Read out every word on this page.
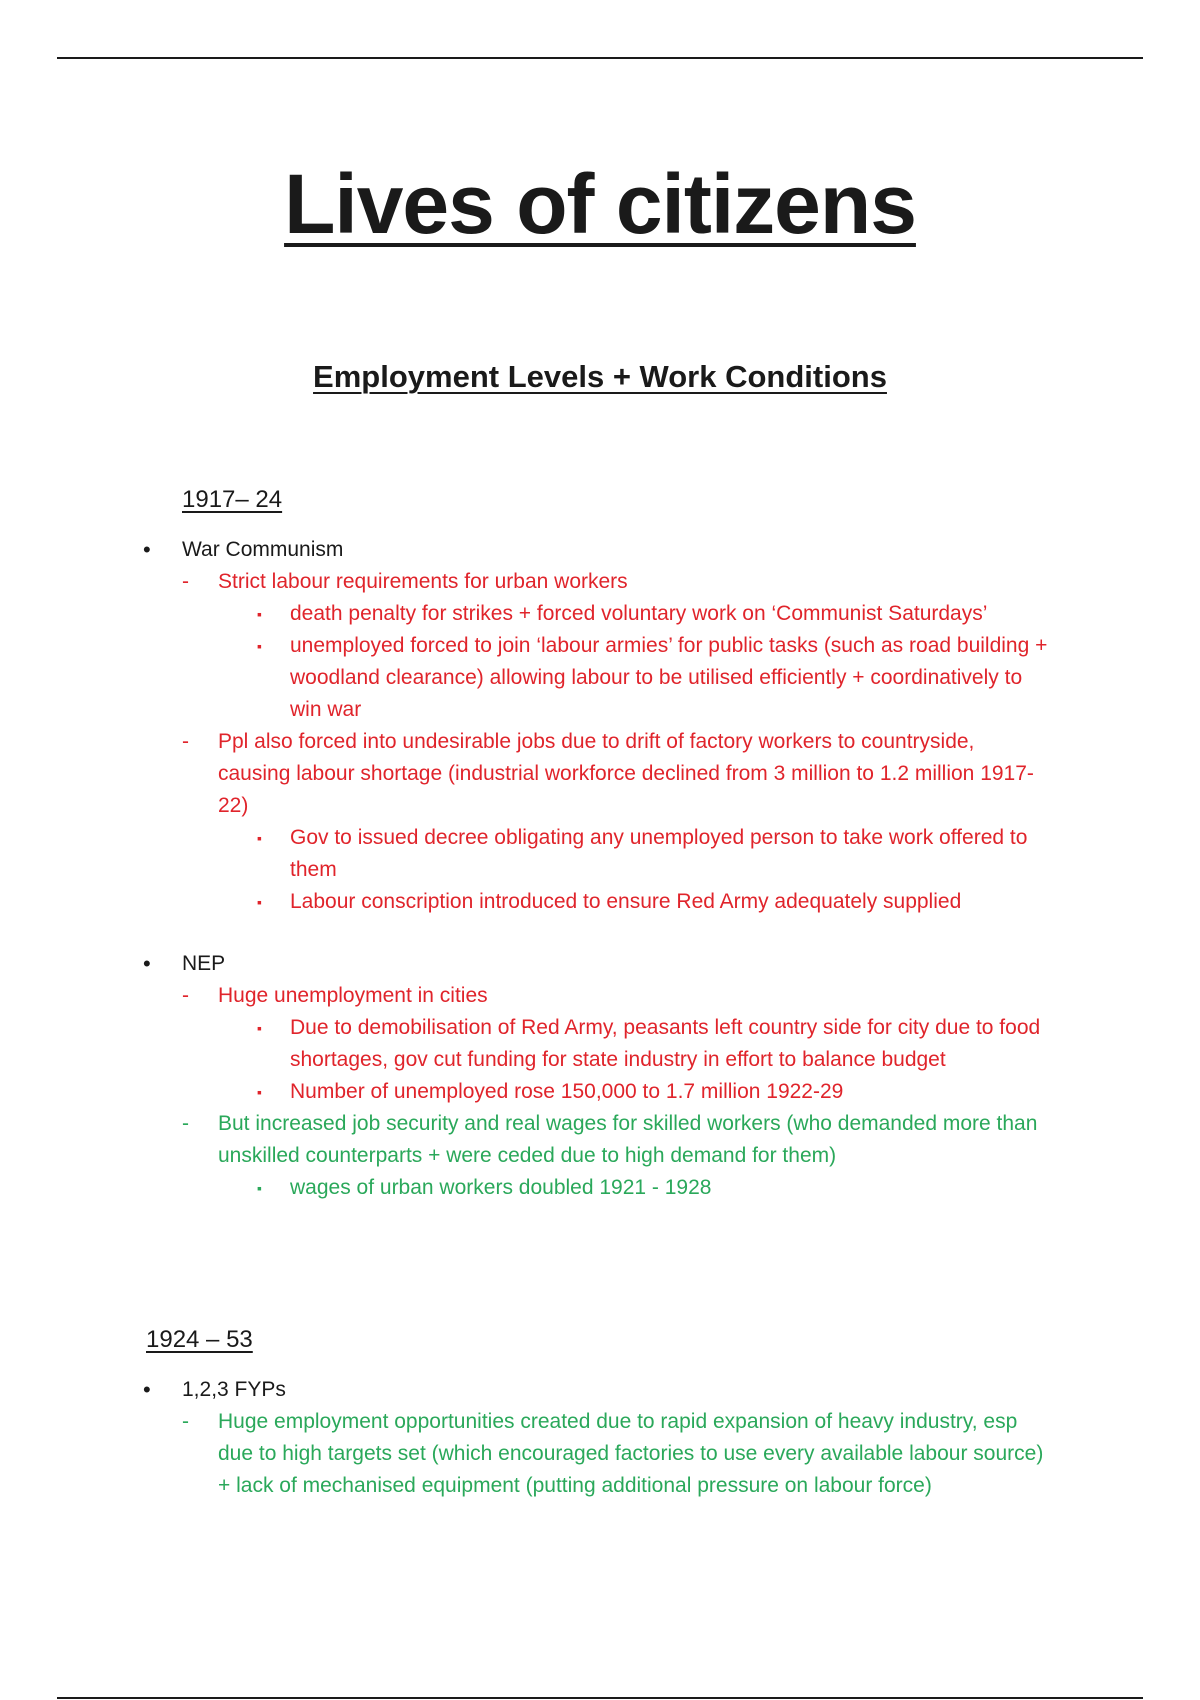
Lives of citizens
Employment Levels + Work Conditions
1917– 24
• War Communism
- Strict labour requirements for urban workers
▪ death penalty for strikes + forced voluntary work on ‘Communist Saturdays’
▪ unemployed forced to join ‘labour armies’ for public tasks (such as road building + woodland clearance) allowing labour to be utilised efficiently + coordinatively to win war
- Ppl also forced into undesirable jobs due to drift of factory workers to countryside, causing labour shortage (industrial workforce declined from 3 million to 1.2 million 1917-22)
▪ Gov to issued decree obligating any unemployed person to take work offered to them
▪ Labour conscription introduced to ensure Red Army adequately supplied
• NEP
- Huge unemployment in cities
▪ Due to demobilisation of Red Army, peasants left country side for city due to food shortages, gov cut funding for state industry in effort to balance budget
▪ Number of unemployed rose 150,000 to 1.7 million 1922-29
- But increased job security and real wages for skilled workers (who demanded more than unskilled counterparts + were ceded due to high demand for them)
▪ wages of urban workers doubled 1921 - 1928
1924 – 53
• 1,2,3 FYPs
- Huge employment opportunities created due to rapid expansion of heavy industry, esp due to high targets set (which encouraged factories to use every available labour source) + lack of mechanised equipment (putting additional pressure on labour force)
